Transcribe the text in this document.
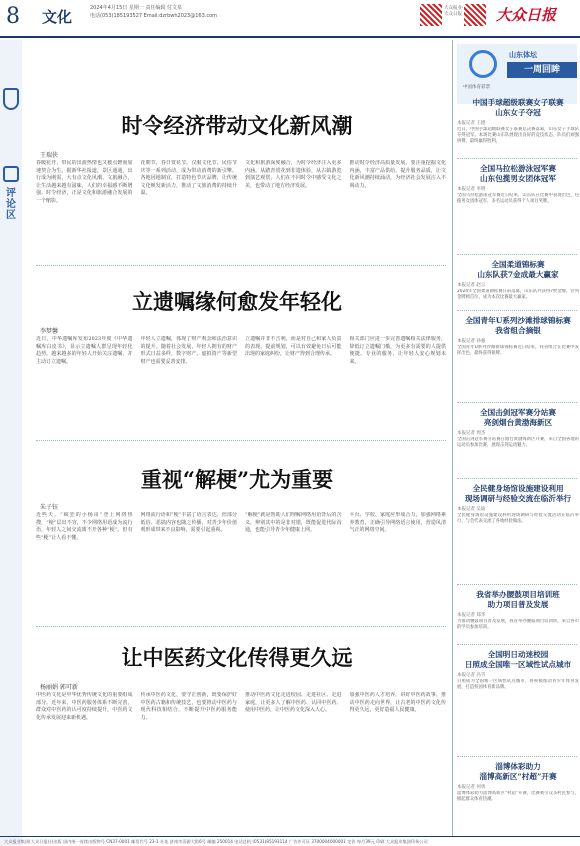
8 文化	2024年4月15日 星期一 责任编辑 付文泉
电话(053)185193527 Email:dzrbwh2023@163.com
大众报业·
大众日报 大众日报
评
论
区
时令经济带动文化新风潮
王瑞侠
春暖花开，带民的出游热情也又被点燃而加速契合为生。据新华社报道，景区通通，出行成为刚需，大有点文化风潮。文旅融合，让生活越来越有滋味，人们的幸福感不断增强。时令经济，正是文化和旅游融合发展的一个缩影。
花朝节，春日赏花节、汉服文化节、民俗节庆等一系列活动，成为带动消费的新引擎。各地因地制宜，打造特色节庆品牌，让传统文化焕发新活力，推动了文旅消费的持续升温。
文化和旅游深度融合，为时令经济注入更多内涵。从踏青赏花到非遗体验，从古镇游览到演艺观赏，人们在不同时令中感受文化之美，也带动了地方经济发展。
推动时令经济高质量发展，要注重挖掘文化内涵，丰富产品供给，提升服务品质，让文化新风潮持续涌动，为经济社会发展注入不竭动力。
立遗嘱缘何愈发年轻化
李梦馨
近日，中华遗嘱库发布2023年度《中华遗嘱库白皮书》，显示立遗嘱人群呈现年轻化趋势。越来越多的年轻人开始关注遗嘱，并主动订立遗嘱。
年轻人立遗嘱，体现了财产观念和法治意识的提升。随着社会发展，年轻人拥有的财产形式日益多样，数字财产、虚拟资产等新型财产也需要妥善安排。
立遗嘱并非不吉利，而是对自己和家人负责的表现。提前规划，可以有效避免日后可能出现的家庭纠纷，让财产得到合理传承。
相关部门应进一步完善遗嘱相关法律服务，降低订立遗嘱门槛，为更多有需要的人提供便捷、专业的服务，让年轻人安心规划未来。
重视“解梗”尤为重要
朱子钰
近些天，“疯狂的小杨哥”登上网络热搜，“梗”层出不穷，不少网络用语成为流行语，年轻人之间交流离不开各种“梗”，但有些“梗”让人看不懂。
网络流行语和“梗”丰富了语言表达，但部分低俗、恶搞内容也随之传播，对青少年价值观形成带来不良影响，需要引起重视。
“解梗”就是帮助人们理解网络用语背后的含义，辨别其中的是非对错，既能促进代际沟通，也能引导青少年健康上网。
平台、学校、家庭应形成合力，加强网络素养教育，正确引导网络语言使用，营造风清气正的网络空间。
让中医药文化传得更久远
杨丽娟 郭可新
中医药文化是中华优秀传统文化的重要组成部分。近年来，中医药服务体系不断完善，群众对中医药的认可度持续提升，中医药文化传承发展迎来新机遇。
传承中医药文化，要守正创新，既要保护好中医药古籍和传统技艺，也要推动中医药与现代科技相结合，不断提升中医药服务能力。
推动中医药文化走进校园、走进社区、走进家庭，让更多人了解中医药、认同中医药、使用中医药，让中医药文化深入人心。
加强中医药人才培养，讲好中医药故事，推动中医药走向世界，让古老的中医药文化传得更久远，更好造福人民健康。
山东体坛
一周回眸
中国体育彩票
中国手球超级联赛女子联赛
山东女子夺冠
本报记者 王德
近日，中国手球超级联赛女子联赛总决赛落幕，山东女子手球队夺得冠军。本场比赛山东队展现出良好的竞技状态，队员们顽强拼搏，最终赢得胜利。
全国马拉松游泳冠军赛
山东包揽男女团体冠军
本报记者 李明
全国马拉松游泳冠军赛近日结束，山东队在比赛中表现出色，包揽男女团体冠军，多名运动员获得个人项目奖牌。
全国柔道锦标赛
山东队获7金成最大赢家
本报记者 赵云
2024年全国柔道锦标赛日前落幕，山东队共获得7枚金牌，位列金牌榜首位，成为本次比赛最大赢家。
全国青年U系列沙滩排球锦标赛
我省组合摘银
本报记者 孙强
全国青年U系列沙滩排球锦标赛近日结束，我省组合在比赛中发挥出色，最终获得银牌。
全国击剑冠军赛分站赛
亮剑烟台黄渤海新区
本报记者 周杰
全国击剑冠军赛分站赛在烟台黄渤海新区开赛，来自全国各地的运动员参加比赛，展现击剑运动魅力。
全民健身场馆设施建设利用
现场调研与经验交流在临沂举行
本报记者 吴迪
全民健身场馆设施建设利用现场调研与经验交流活动在临沂举行，与会代表交流了各地经验做法。
我省举办腰鼓项目培训班
助力项目普及发展
本报记者 郑华
为推动腰鼓项目普及发展，我省举办腰鼓项目培训班，来自各市的学员参加培训。
全国明日动迷校园
日照成全国唯一区域性试点城市
本报记者 冯雪
日照成为全国唯一区域性试点城市，将积极推动青少年体育发展，打造校园体育新品牌。
淄博体彩助力
淄博高新区“村超”开赛
本报记者 何勇
淄博体彩助力淄博高新区“村超”开赛，比赛吸引众多村民参与，掀起群众体育热潮。
大众报业集团(大众日报社)出版 国内统一连续出版物号 CN37-0001 邮发代号 23-1 社址 济南市泺源大街6号 邮编 250014 电话总机 (0531)85193114 广告许可证 3700004000001 定价 每月39元 印刷 大众报业集团印务公司
